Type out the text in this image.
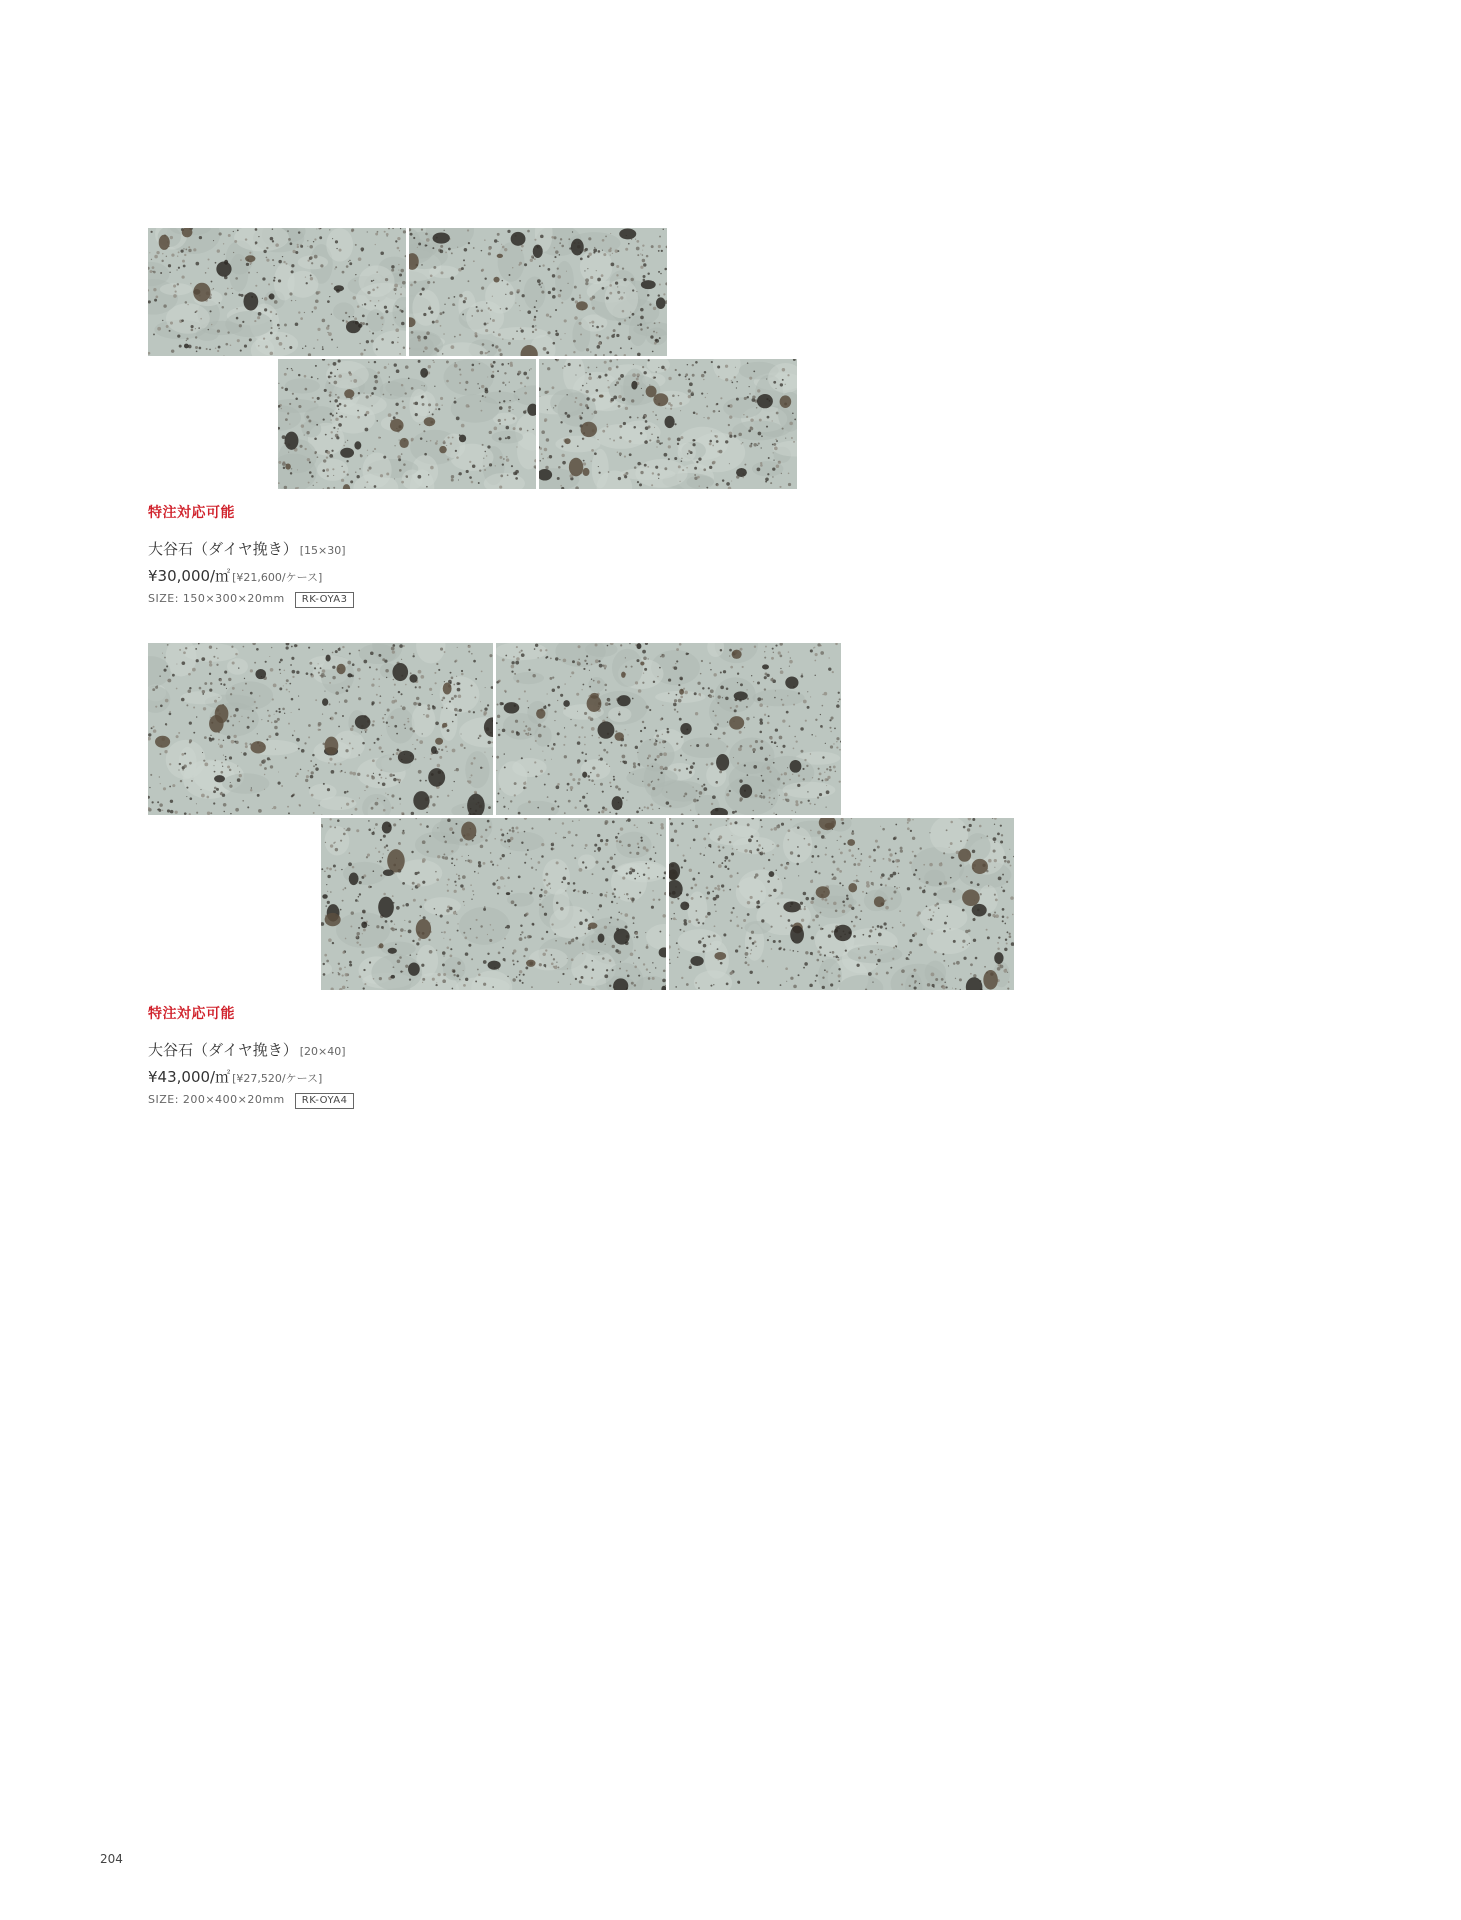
特注対応可能
大谷石（ダイヤ挽き） [15×30]
¥30,000/㎡ [¥21,600/ケース]
SIZE: 150×300×20mm RK-OYA3
特注対応可能
大谷石（ダイヤ挽き） [20×40]
¥43,000/㎡ [¥27,520/ケース]
SIZE: 200×400×20mm RK-OYA4
204
